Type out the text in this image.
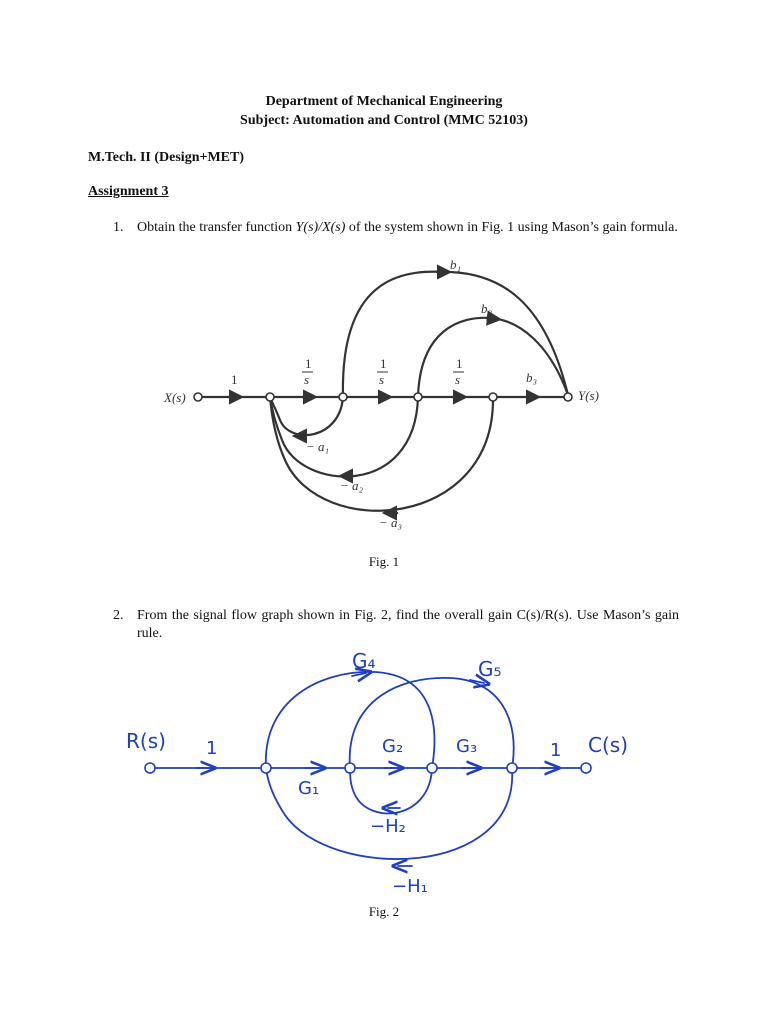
Department of Mechanical Engineering
Subject: Automation and Control (MMC 52103)
M.Tech. II (Design+MET)
Assignment 3
1. Obtain the transfer function Y(s)/X(s) of the system shown in Fig. 1 using Mason’s gain formula.
X(s)	Y(s)
1
1
s
1
s
1
s
b₁
b₂
b₃
− a₁
− a₂
− a₃
Fig. 1
2. From the signal flow graph shown in Fig. 2, find the overall gain C(s)/R(s). Use Mason’s gain rule.
R(s)	C(s)
1	1
G₁
G₂	G₃
G₄	G₅
−H₂
−H₁
Fig. 2
